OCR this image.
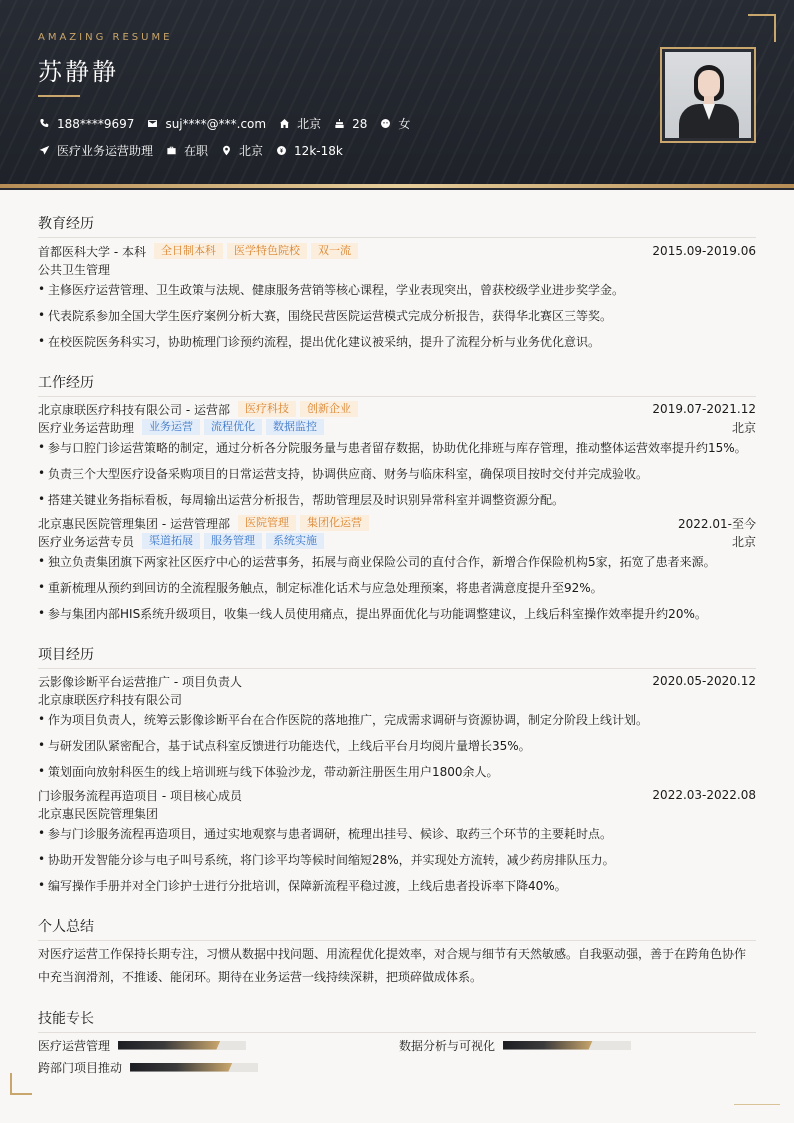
AMAZING RESUME
苏静静
188****9697	suj****@***.com	北京	28	女
医疗业务运营助理	在职	北京	12k-18k
教育经历
首都医科大学 - 本科	全日制本科	医学特色院校	双一流	2015.09-2019.06
公共卫生管理
• 主修医疗运营管理、卫生政策与法规、健康服务营销等核心课程，学业表现突出，曾获校级学业进步奖学金。
• 代表院系参加全国大学生医疗案例分析大赛，围绕民营医院运营模式完成分析报告，获得华北赛区三等奖。
• 在校医院医务科实习，协助梳理门诊预约流程，提出优化建议被采纳，提升了流程分析与业务优化意识。
工作经历
北京康联医疗科技有限公司 - 运营部	医疗科技	创新企业	2019.07-2021.12
医疗业务运营助理	业务运营	流程优化	数据监控	北京
• 参与口腔门诊运营策略的制定，通过分析各分院服务量与患者留存数据，协助优化排班与库存管理，推动整体运营效率提升约15%。
• 负责三个大型医疗设备采购项目的日常运营支持，协调供应商、财务与临床科室，确保项目按时交付并完成验收。
• 搭建关键业务指标看板，每周输出运营分析报告，帮助管理层及时识别异常科室并调整资源分配。
北京惠民医院管理集团 - 运营管理部	医院管理	集团化运营	2022.01-至今
医疗业务运营专员	渠道拓展	服务管理	系统实施	北京
• 独立负责集团旗下两家社区医疗中心的运营事务，拓展与商业保险公司的直付合作，新增合作保险机构5家，拓宽了患者来源。
• 重新梳理从预约到回访的全流程服务触点，制定标准化话术与应急处理预案，将患者满意度提升至92%。
• 参与集团内部HIS系统升级项目，收集一线人员使用痛点，提出界面优化与功能调整建议，上线后科室操作效率提升约20%。
项目经历
云影像诊断平台运营推广 - 项目负责人	2020.05-2020.12
北京康联医疗科技有限公司
• 作为项目负责人，统筹云影像诊断平台在合作医院的落地推广，完成需求调研与资源协调，制定分阶段上线计划。
• 与研发团队紧密配合，基于试点科室反馈进行功能迭代，上线后平台月均阅片量增长35%。
• 策划面向放射科医生的线上培训班与线下体验沙龙，带动新注册医生用户1800余人。
门诊服务流程再造项目 - 项目核心成员	2022.03-2022.08
北京惠民医院管理集团
• 参与门诊服务流程再造项目，通过实地观察与患者调研，梳理出挂号、候诊、取药三个环节的主要耗时点。
• 协助开发智能分诊与电子叫号系统，将门诊平均等候时间缩短28%，并实现处方流转，减少药房排队压力。
• 编写操作手册并对全门诊护士进行分批培训，保障新流程平稳过渡，上线后患者投诉率下降40%。
个人总结
对医疗运营工作保持长期专注，习惯从数据中找问题、用流程优化提效率，对合规与细节有天然敏感。自我驱动强，善于在跨角色协作中充当润滑剂，不推诿、能闭环。期待在业务运营一线持续深耕，把琐碎做成体系。
技能专长
医疗运营管理	数据分析与可视化
跨部门项目推动
